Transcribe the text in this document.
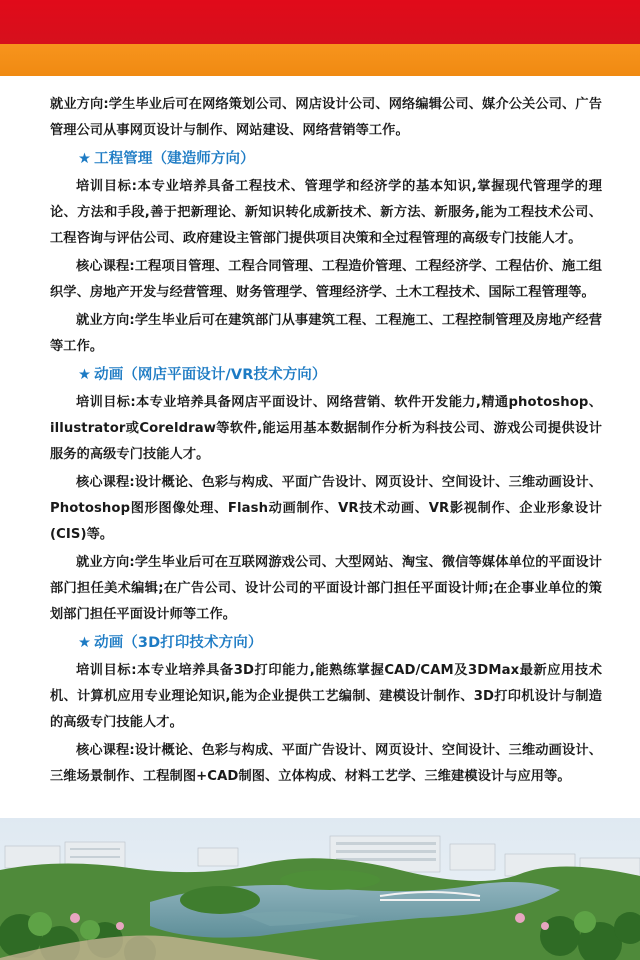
就业方向:学生毕业后可在网络策划公司、网店设计公司、网络编辑公司、媒介公关公司、广告管理公司从事网页设计与制作、网站建设、网络营销等工作。

★ 工程管理（建造师方向）

培训目标:本专业培养具备工程技术、管理学和经济学的基本知识,掌握现代管理学的理论、方法和手段,善于把新理论、新知识转化成新技术、新方法、新服务,能为工程技术公司、工程咨询与评估公司、政府建设主管部门提供项目决策和全过程管理的高级专门技能人才。

核心课程:工程项目管理、工程合同管理、工程造价管理、工程经济学、工程估价、施工组织学、房地产开发与经营管理、财务管理学、管理经济学、土木工程技术、国际工程管理等。

就业方向:学生毕业后可在建筑部门从事建筑工程、工程施工、工程控制管理及房地产经营等工作。

★ 动画（网店平面设计/VR技术方向）

培训目标:本专业培养具备网店平面设计、网络营销、软件开发能力,精通photoshop、illustrator或Coreldraw等软件,能运用基本数据制作分析为科技公司、游戏公司提供设计服务的高级专门技能人才。

核心课程:设计概论、色彩与构成、平面广告设计、网页设计、空间设计、三维动画设计、Photoshop图形图像处理、Flash动画制作、VR技术动画、VR影视制作、企业形象设计(CIS)等。

就业方向:学生毕业后可在互联网游戏公司、大型网站、淘宝、微信等媒体单位的平面设计部门担任美术编辑;在广告公司、设计公司的平面设计部门担任平面设计师;在企事业单位的策划部门担任平面设计师等工作。

★ 动画（3D打印技术方向）

培训目标:本专业培养具备3D打印能力,能熟练掌握CAD/CAM及3DMax最新应用技术机、计算机应用专业理论知识,能为企业提供工艺编制、建模设计制作、3D打印机设计与制造的高级专门技能人才。

核心课程:设计概论、色彩与构成、平面广告设计、网页设计、空间设计、三维动画设计、三维场景制作、工程制图+CAD制图、立体构成、材料工艺学、三维建模设计与应用等。
